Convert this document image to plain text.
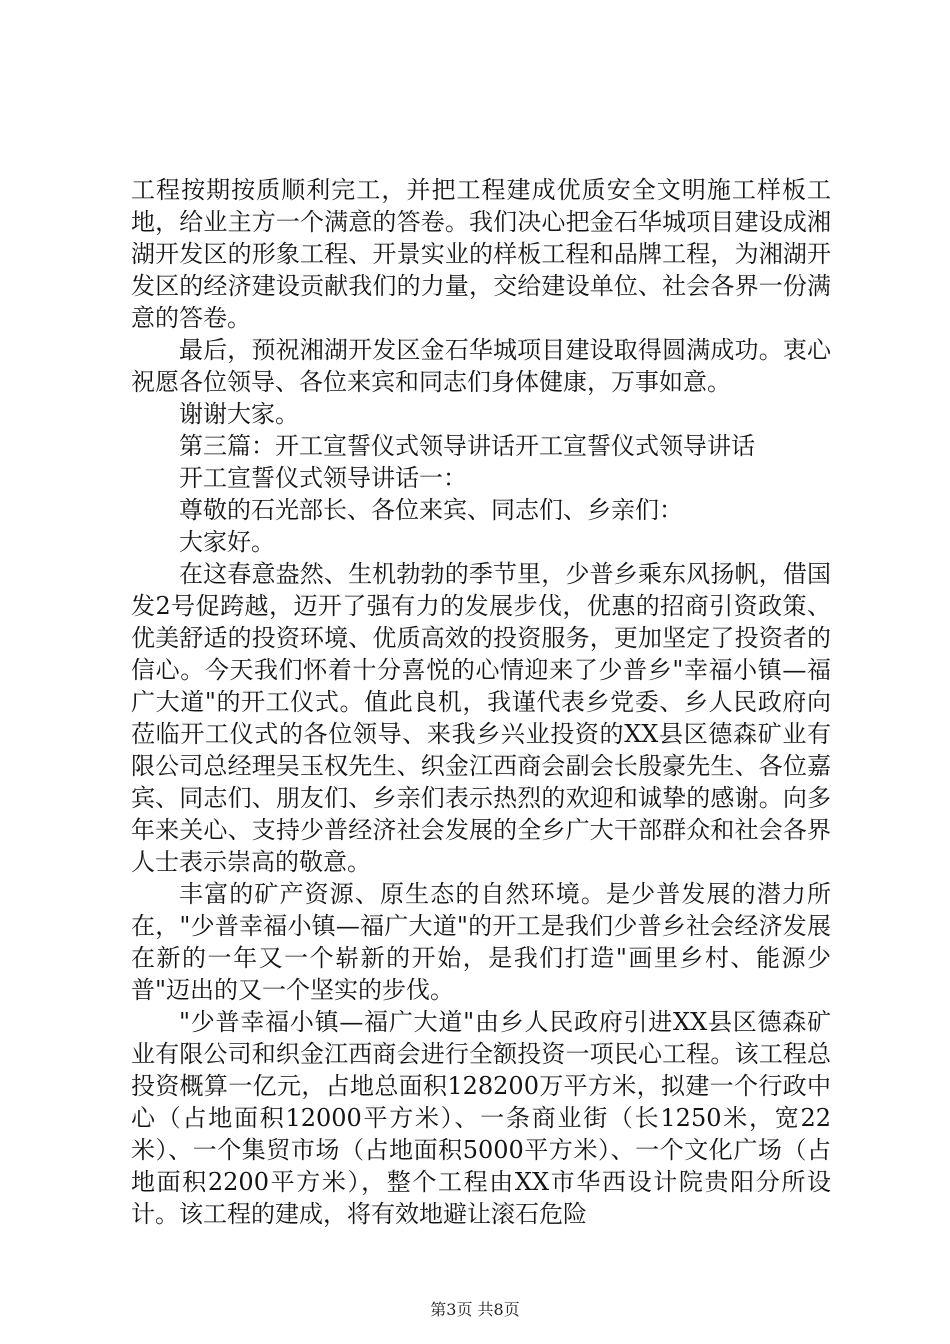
工程按期按质顺利完工，并把工程建成优质安全文明施工样板工地，给业主方一个满意的答卷。我们决心把金石华城项目建设成湘湖开发区的形象工程、开景实业的样板工程和品牌工程，为湘湖开发区的经济建设贡献我们的力量，交给建设单位、社会各界一份满意的答卷。

最后，预祝湘湖开发区金石华城项目建设取得圆满成功。衷心祝愿各位领导、各位来宾和同志们身体健康，万事如意。

谢谢大家。

第三篇：开工宣誓仪式领导讲话开工宣誓仪式领导讲话

开工宣誓仪式领导讲话一：

尊敬的石光部长、各位来宾、同志们、乡亲们：

大家好。

在这春意盎然、生机勃勃的季节里，少普乡乘东风扬帆，借国发2号促跨越，迈开了强有力的发展步伐，优惠的招商引资政策、优美舒适的投资环境、优质高效的投资服务，更加坚定了投资者的信心。今天我们怀着十分喜悦的心情迎来了少普乡"幸福小镇—福广大道"的开工仪式。值此良机，我谨代表乡党委、乡人民政府向莅临开工仪式的各位领导、来我乡兴业投资的XX县区德森矿业有限公司总经理吴玉权先生、织金江西商会副会长殷豪先生、各位嘉宾、同志们、朋友们、乡亲们表示热烈的欢迎和诚挚的感谢。向多年来关心、支持少普经济社会发展的全乡广大干部群众和社会各界人士表示崇高的敬意。

丰富的矿产资源、原生态的自然环境。是少普发展的潜力所在，"少普幸福小镇—福广大道"的开工是我们少普乡社会经济发展在新的一年又一个崭新的开始，是我们打造"画里乡村、能源少普"迈出的又一个坚实的步伐。

"少普幸福小镇—福广大道"由乡人民政府引进XX县区德森矿业有限公司和织金江西商会进行全额投资一项民心工程。该工程总投资概算一亿元，占地总面积128200万平方米，拟建一个行政中心（占地面积12000平方米）、一条商业街（长1250米，宽22米）、一个集贸市场（占地面积5000平方米）、一个文化广场（占地面积2200平方米），整个工程由XX市华西设计院贵阳分所设计。该工程的建成，将有效地避让滚石危险

第3页 共8页
